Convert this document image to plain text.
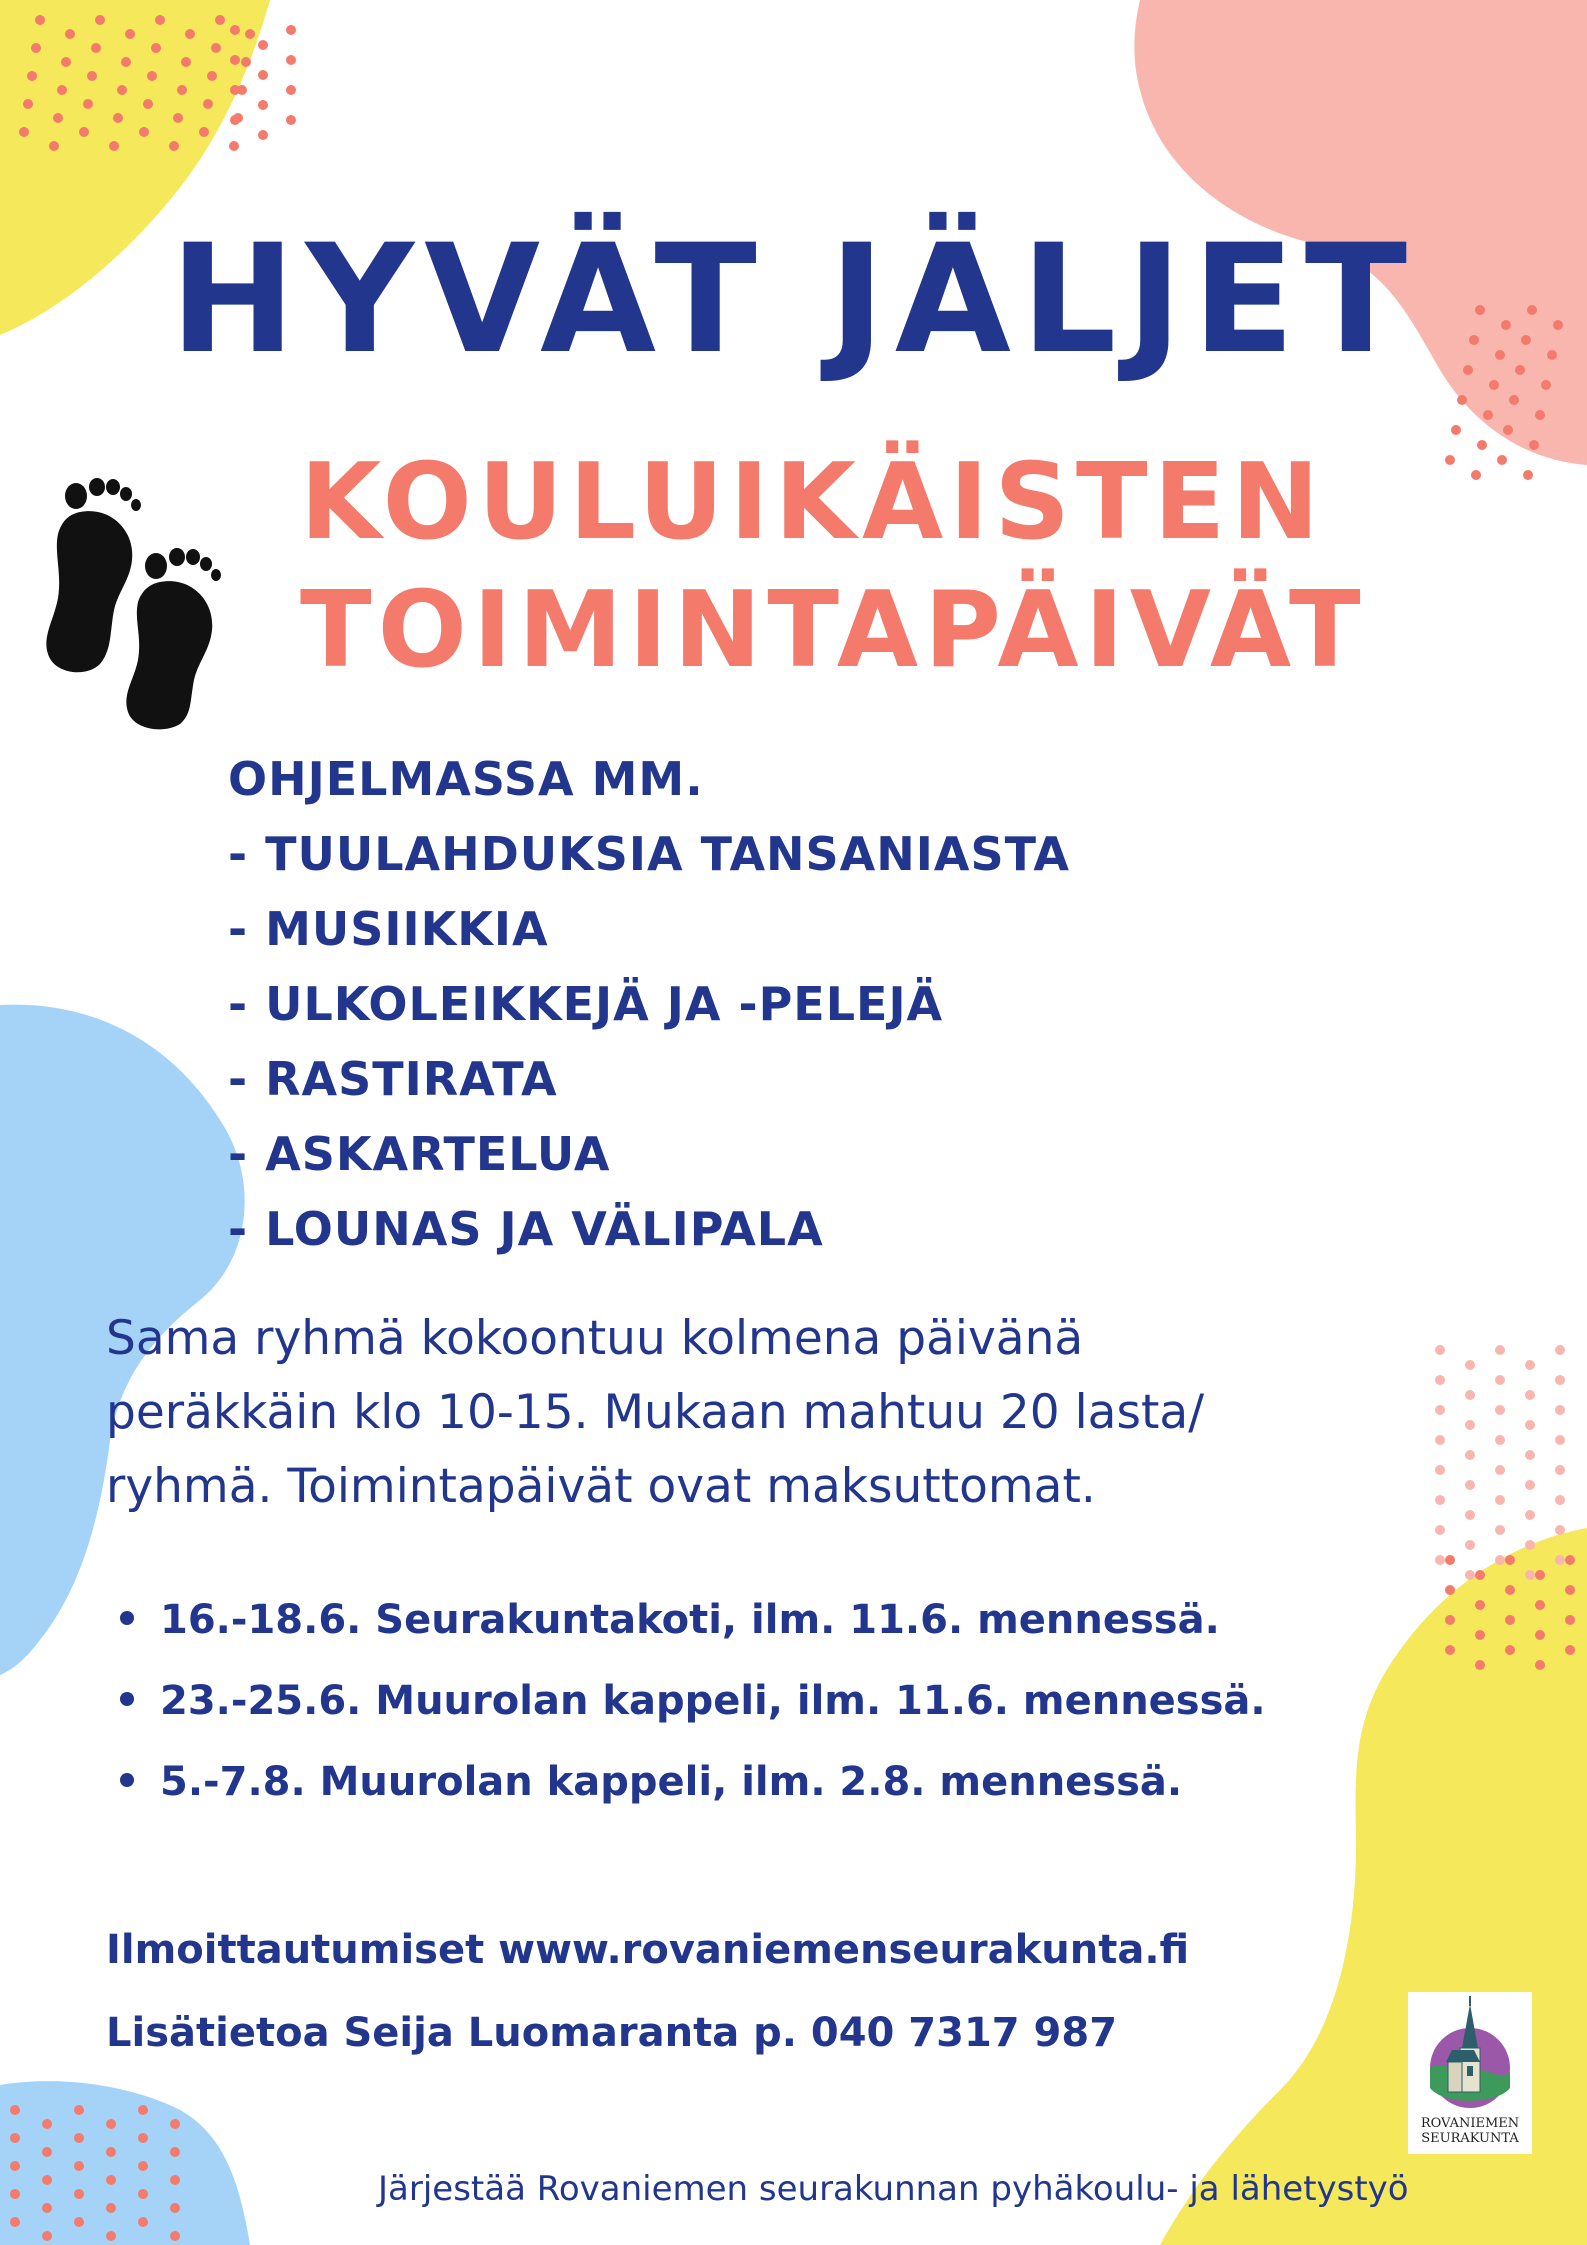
HYVÄT JÄLJET
KOULUIKÄISTEN
TOIMINTAPÄIVÄT
OHJELMASSA MM.
- TUULAHDUKSIA TANSANIASTA
- MUSIIKKIA
- ULKOLEIKKEJÄ JA -PELEJÄ
- RASTIRATA
- ASKARTELUA
- LOUNAS JA VÄLIPALA

Sama ryhmä kokoontuu kolmena päivänä
peräkkäin klo 10-15. Mukaan mahtuu 20 lasta/
ryhmä. Toimintapäivät ovat maksuttomat.

16.-18.6. Seurakuntakoti, ilm. 11.6. mennessä.
23.-25.6. Muurolan kappeli, ilm. 11.6. mennessä.
5.-7.8. Muurolan kappeli, ilm. 2.8. mennessä.

Ilmoittautumiset www.rovaniemenseurakunta.fi

Lisätietoa Seija Luomaranta p. 040 7317 987

ROVANIEMEN
SEURAKUNTA

Järjestää Rovaniemen seurakunnan pyhäkoulu- ja lähetystyö
